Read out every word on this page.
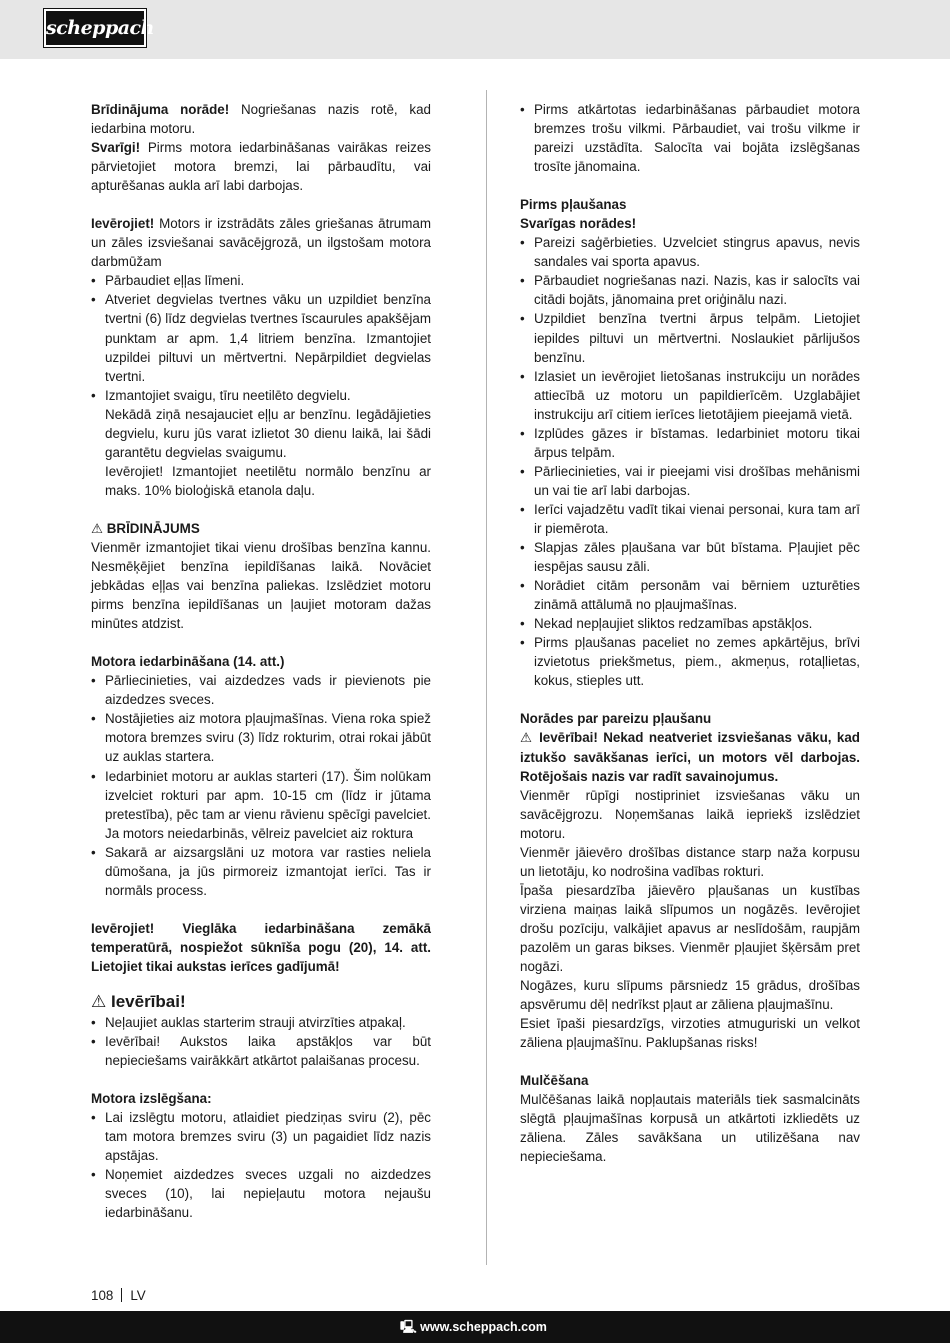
scheppach

Brīdinājuma norāde! Nogriešanas nazis rotē, kad iedarbina motoru.

Svarīgi! Pirms motora iedarbināšanas vairākas reizes pārvietojiet motora bremzi, lai pārbaudītu, vai apturēšanas aukla arī labi darbojas.

Ievērojiet! Motors ir izstrādāts zāles griešanas ātrumam un zāles izsviešanai savācējgrozā, un ilgstošam motora darbmūžam

• Pārbaudiet eļļas līmeni.
• Atveriet degvielas tvertnes vāku un uzpildiet benzīna tvertni (6) līdz degvielas tvertnes īscaurules apakšējam punktam ar apm. 1,4 litriem benzīna. Izmantojiet uzpildei piltuvi un mērtvertni. Nepārpildiet degvielas tvertni.
• Izmantojiet svaigu, tīru neetilēto degvielu.

Nekādā ziņā nesajauciet eļļu ar benzīnu. Iegādājieties degvielu, kuru jūs varat izlietot 30 dienu laikā, lai šādi garantētu degvielas svaigumu.

Ievērojiet! Izmantojiet neetilētu normālo benzīnu ar maks. 10% bioloģiskā etanola daļu.

⚠ BRĪDINĀJUMS

Vienmēr izmantojiet tikai vienu drošības benzīna kannu. Nesmēķējiet benzīna iepildīšanas laikā. Novāciet jebkādas eļļas vai benzīna paliekas. Izslēdziet motoru pirms benzīna iepildīšanas un ļaujiet motoram dažas minūtes atdzist.

Motora iedarbināšana (14. att.)
• Pārliecinieties, vai aizdedzes vads ir pievienots pie aizdedzes sveces.
• Nostājieties aiz motora pļaujmašīnas. Viena roka spiež motora bremzes sviru (3) līdz rokturim, otrai rokai jābūt uz auklas startera.
• Iedarbiniet motoru ar auklas starteri (17). Šim nolūkam izvelciet rokturi par apm. 10-15 cm (līdz ir jūtama pretestība), pēc tam ar vienu rāvienu spēcīgi pavelciet. Ja motors neiedarbinās, vēlreiz pavelciet aiz roktura
• Sakarā ar aizsargslāni uz motora var rasties neliela dūmošana, ja jūs pirmoreiz izmantojat ierīci. Tas ir normāls process.

Ievērojiet! Vieglāka iedarbināšana zemākā temperatūrā, nospiežot sūknīša pogu (20), 14. att. Lietojiet tikai aukstas ierīces gadījumā!

⚠ Ievērībai!
• Neļaujiet auklas starterim strauji atvirzīties atpakaļ.
• Ievērībai! Aukstos laika apstākļos var būt nepieciešams vairākkārt atkārtot palaišanas procesu.
Motora izslēgšana:
• Lai izslēgtu motoru, atlaidiet piedziņas sviru (2), pēc tam motora bremzes sviru (3) un pagaidiet līdz nazis apstājas.
• Noņemiet aizdedzes sveces uzgali no aizdedzes sveces (10), lai nepieļautu motora nejaušu iedarbināšanu.
• Pirms atkārtotas iedarbināšanas pārbaudiet motora bremzes trošu vilkmi. Pārbaudiet, vai trošu vilkme ir pareizi uzstādīta. Salocīta vai bojāta izslēgšanas trosīte jānomaina.
Pirms pļaušanas
Svarīgas norādes!
• Pareizi saģērbieties. Uzvelciet stingrus apavus, nevis sandales vai sporta apavus.
• Pārbaudiet nogriešanas nazi. Nazis, kas ir salocīts vai citādi bojāts, jānomaina pret oriģinālu nazi.
• Uzpildiet benzīna tvertni ārpus telpām. Lietojiet iepildes piltuvi un mērtvertni. Noslaukiet pārlijušos benzīnu.
• Izlasiet un ievērojiet lietošanas instrukciju un norādes attiecībā uz motoru un papildierīcēm. Uzglabājiet instrukciju arī citiem ierīces lietotājiem pieejamā vietā.
• Izplūdes gāzes ir bīstamas. Iedarbiniet motoru tikai ārpus telpām.
• Pārliecinieties, vai ir pieejami visi drošības mehānismi un vai tie arī labi darbojas.
• Ierīci vajadzētu vadīt tikai vienai personai, kura tam arī ir piemērota.
• Slapjas zāles pļaušana var būt bīstama. Pļaujiet pēc iespējas sausu zāli.
• Norādiet citām personām vai bērniem uzturēties zināmā attālumā no pļaujmašīnas.
• Nekad nepļaujiet sliktos redzamības apstākļos.
• Pirms pļaušanas paceliet no zemes apkārtējus, brīvi izvietotus priekšmetus, piem., akmeņus, rotaļlietas, kokus, stieples utt.
Norādes par pareizu pļaušanu

⚠ Ievērībai! Nekad neatveriet izsviešanas vāku, kad iztukšo savākšanas ierīci, un motors vēl darbojas. Rotējošais nazis var radīt savainojumus.

Vienmēr rūpīgi nostipriniet izsviešanas vāku un savācējgrozu. Noņemšanas laikā iepriekš izslēdziet motoru.

Vienmēr jāievēro drošības distance starp naža korpusu un lietotāju, ko nodrošina vadības rokturi.

Īpaša piesardzība jāievēro pļaušanas un kustības virziena maiņas laikā slīpumos un nogāzēs. Ievērojiet drošu pozīciju, valkājiet apavus ar neslīdošām, raupjām pazolēm un garas bikses. Vienmēr pļaujiet šķērsām pret nogāzi.

Nogāzes, kuru slīpums pārsniedz 15 grādus, drošības apsvērumu dēļ nedrīkst pļaut ar zāliena pļaujmašīnu.

Esiet īpaši piesardzīgs, virzoties atmuguriski un velkot zāliena pļaujmašīnu. Paklupšanas risks!

Mulčēšana

Mulčēšanas laikā nopļautais materiāls tiek sasmalcināts slēgtā pļaujmašīnas korpusā un atkārtoti izkliedēts uz zāliena. Zāles savākšana un utilizēšana nav nepieciešama.

108 LV
🖳 www.scheppach.com
